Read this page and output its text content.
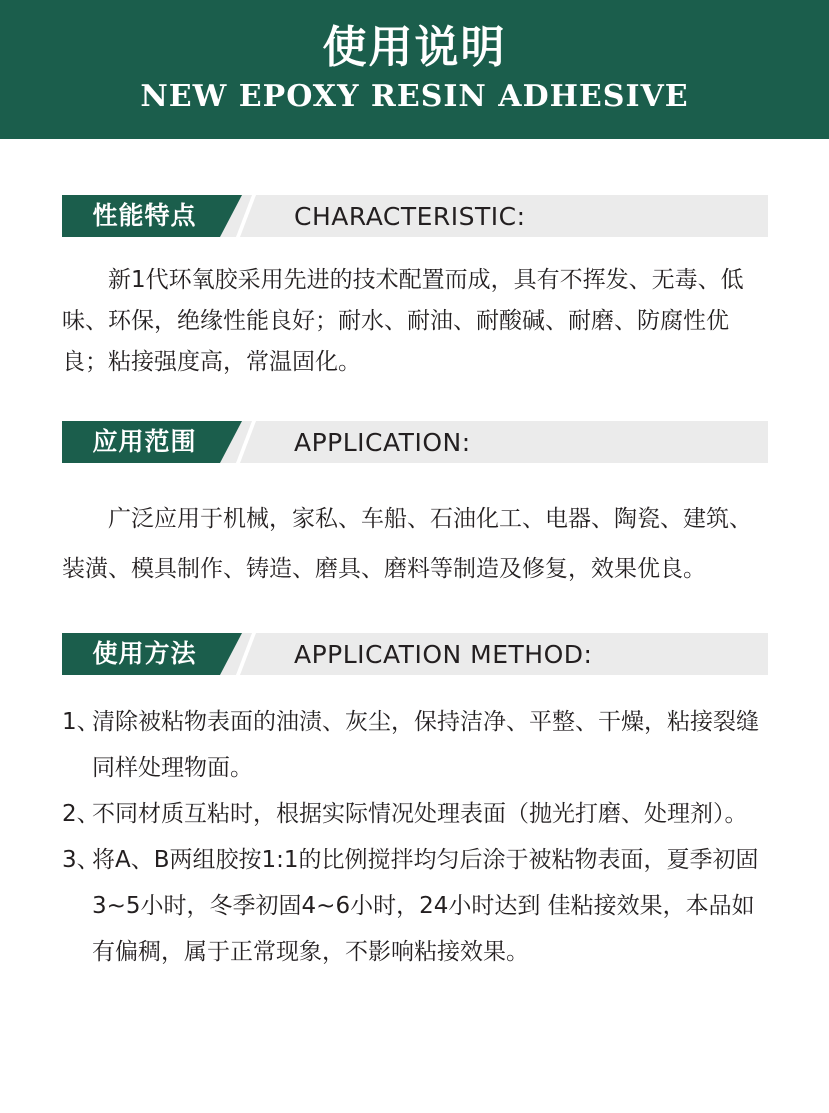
使用说明
NEW EPOXY RESIN ADHESIVE
性能特点	CHARACTERISTIC:

新1代环氧胶采用先进的技术配置而成，具有不挥发、无毒、低味、环保，绝缘性能良好；耐水、耐油、耐酸碱、耐磨、防腐性优良；粘接强度高，常温固化。

应用范围	APPLICATION:

广泛应用于机械，家私、车船、石油化工、电器、陶瓷、建筑、装潢、模具制作、铸造、磨具、磨料等制造及修复，效果优良。

使用方法	APPLICATION METHOD:
1、
清除被粘物表面的油渍、灰尘，保持洁净、平整、干燥，粘接裂缝同样处理物面。
2、
不同材质互粘时，根据实际情况处理表面（抛光打磨、处理剂）。
3、
将A、B两组胶按1:1的比例搅拌均匀后涂于被粘物表面，夏季初固3~5小时，冬季初固4~6小时，24小时达到 佳粘接效果，本品如有偏稠，属于正常现象，不影响粘接效果。
